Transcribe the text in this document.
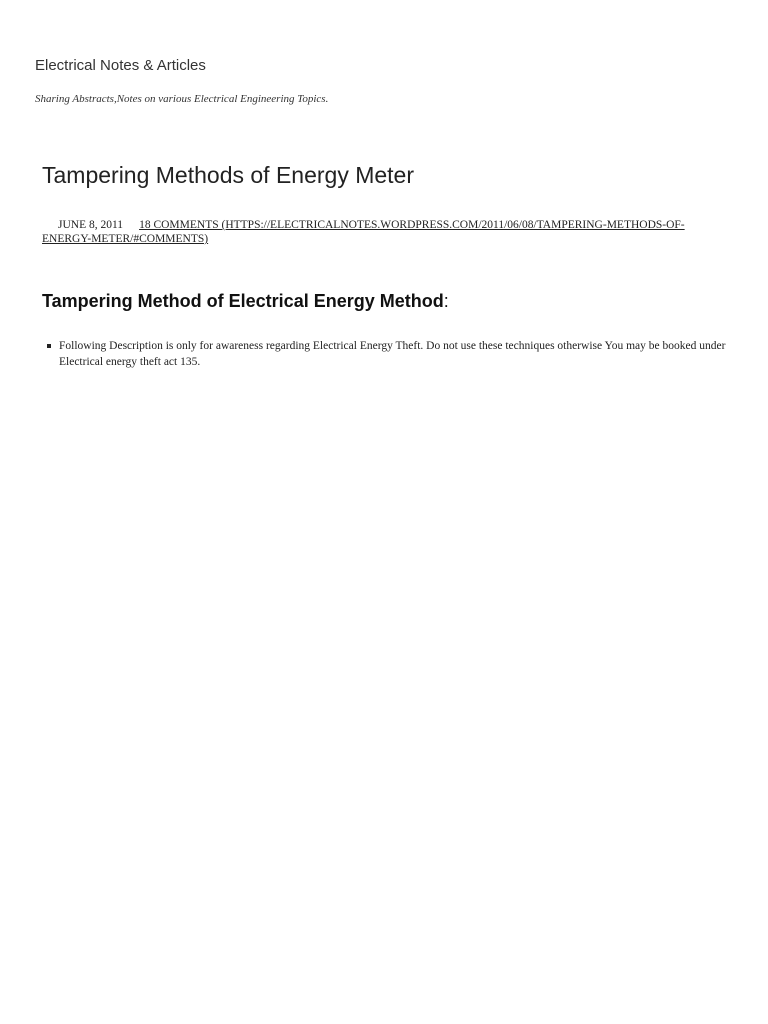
Electrical Notes & Articles
Sharing Abstracts,Notes on various Electrical Engineering Topics.
Tampering Methods of Energy Meter
JUNE 8, 2011 18 COMMENTS (HTTPS://ELECTRICALNOTES.WORDPRESS.COM/2011/06/08/TAMPERING-METHODS-OF-ENERGY-METER/#COMMENTS)
Tampering Method of Electrical Energy Method:
Following Description is only for awareness regarding Electrical Energy Theft. Do not use these techniques otherwise You may be booked under Electrical energy theft act 135.
